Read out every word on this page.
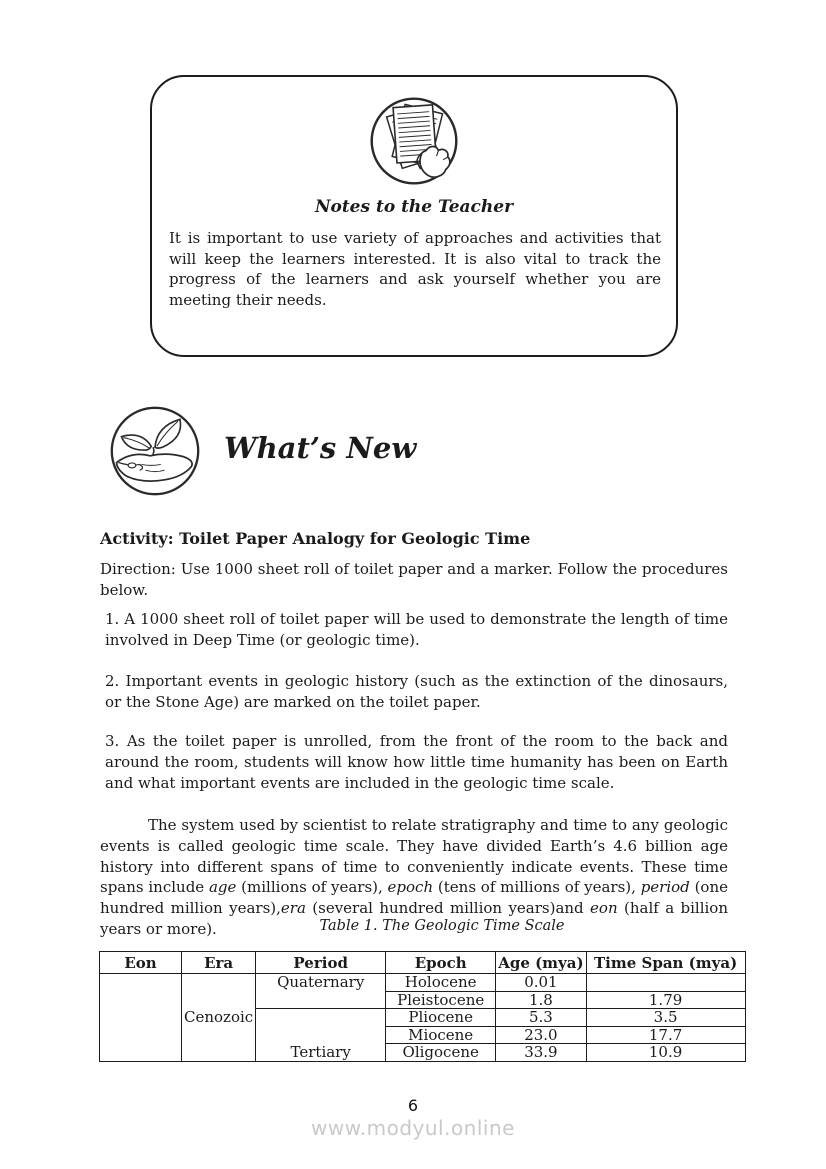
Notes to the Teacher

It is important to use variety of approaches and activities that will keep the learners interested. It is also vital to track the progress of the learners and ask yourself whether you are meeting their needs.

What’s New
Activity: Toilet Paper Analogy for Geologic Time

Direction: Use 1000 sheet roll of toilet paper and a marker. Follow the procedures below.

1. A 1000 sheet roll of toilet paper will be used to demonstrate the length of time involved in Deep Time (or geologic time).

2. Important events in geologic history (such as the extinction of the dinosaurs, or the Stone Age) are marked on the toilet paper.

3. As the toilet paper is unrolled, from the front of the room to the back and around the room, students will know how little time humanity has been on Earth and what important events are included in the geologic time scale.

The system used by scientist to relate stratigraphy and time to any geologic events is called geologic time scale. They have divided Earth’s 4.6 billion age history into different spans of time to conveniently indicate events. These time spans include age (millions of years), epoch (tens of millions of years), period (one hundred million years),era (several hundred million years)and eon (half a billion years or more).	Table 1. The Geologic Time Scale

Eon	Era	Period	Epoch	Age (mya)	Time Span (mya)
	Cenozoic	Quaternary	Holocene	0.01	
			Pleistocene	1.8	1.79
		Tertiary	Pliocene	5.3	3.5
			Miocene	23.0	17.7
			Oligocene	33.9	10.9
6
www.modyul.online
